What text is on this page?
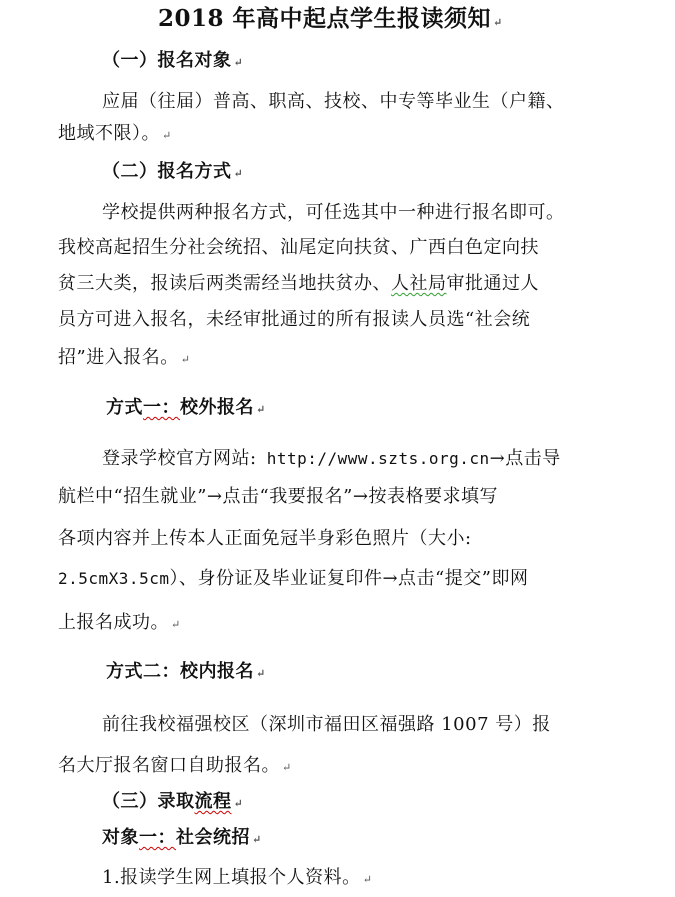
2018 年高中起点学生报读须知 ↵
（一）报名对象 ↵
应届（往届）普高、职高、技校、中专等毕业生（户籍、
地域不限）。 ↵
（二）报名方式 ↵
学校提供两种报名方式，可任选其中一种进行报名即可。
我校高起招生分社会统招、汕尾定向扶贫、广西白色定向扶
贫三大类，报读后两类需经当地扶贫办、人社局审批通过人
员方可进入报名，未经审批通过的所有报读人员选“社会统
招”进入报名。 ↵
方式一：校外报名 ↵
登录学校官方网站: http://www.szts.org.cn→点击导
航栏中“招生就业”→点击“我要报名”→按表格要求填写
各项内容并上传本人正面免冠半身彩色照片（大小:
2.5cmX3.5cm）、身份证及毕业证复印件→点击“提交”即网
上报名成功。 ↵
方式二：校内报名 ↵
前往我校福强校区（深圳市福田区福强路 1007 号）报
名大厅报名窗口自助报名。 ↵
（三）录取流程 ↵
对象一：社会统招 ↵
1.报读学生网上填报个人资料。 ↵
